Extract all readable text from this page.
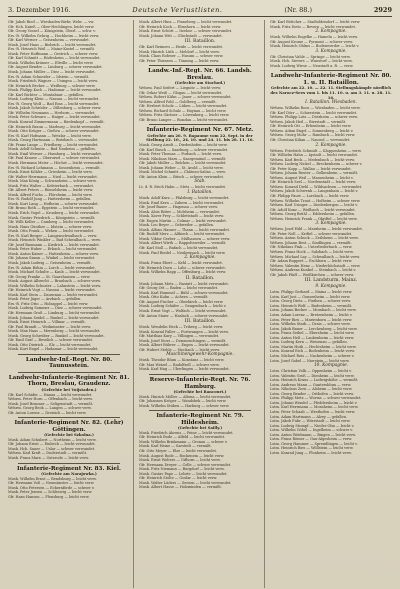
3. Dezember 1916.	Deutsche Verlustlisten.	(Nr. 88.)	2929
Gfr. Jakob Ried — Wiesbaden-Biebr, Wehr. — vw.
Gfr. Hch. Knieß — Ober-Hechlingen, leicht verw.
Gfr. Georg Vossel — Königstein, Oberl. — schw. v.
Ers.-R. Wilhelm Gehrig — Hochheim — leicht verw.
Gfr. Karl Werner — Geisenheim — verwundet.
Musk. Josef Haas — Biebrich — leicht verwundet.
Ers.-R. Heinrich Weil — Mainz-Kastel — vermißt.
Musk. Peter Hoffmann — Oestrich — schwer verw.
Gfr. Karl Schmitt — Rüdesheim — leicht verwundet.
Musk. Wilhelm Krämer — Eltville — leicht verw.
Gfr. August Bender — Limburg — schwer verwundet.
Musk. Johann Müller — Diez — leicht verwundet.
Ers.-R. Adam Schneider — Idstein — vermißt.
Musk. Friedrich Wagner — Usingen — leicht verw.
Gfr. Heinrich Becker — Weilburg — schwer verw.
Musk. Philipp Koch — Hadamar — leicht verwundet.
Gfr. Karl Richter — Montabaur — gefallen.
Musk. Ludwig Klein — Nassau — leicht verwundet.
Ers.-R. Georg Wolf — Bad Ems — leicht verwundet.
Musk. Jakob Schröder — Dillenburg — schwer verw.
Gfr. Wilhelm Neumann — Herborn — verwundet.
Musk. Peter Schwarz — Haiger — leicht verwundet.
Musk. Konrad Zimmermann — Biedenkopf — vermißt.
Gfr. Heinrich Braun — Marburg — leicht verwundet.
Musk. Otto Krüger — Gießen — schwer verwundet.
Ers.-R. Karl Hofmann — Wetzlar — leicht verw.
Musk. Georg Hartmann — Butzbach — verwundet.
Gfr. Franz Lange — Friedberg — leicht verwundet.
Musk. Adolf Schmitz — Bad Nauheim — gefallen.
Musk. Emil Werner — Homburg — leicht verwundet.
Gfr. Paul Krause — Oberursel — schwer verwundet.
Musk. Hermann Meier — Höchst — leicht verwundet.
Ers.-R. Richard Lehmann — Sossenheim — vermißt.
Musk. Ernst Köhler — Griesheim — leicht verw.
Gfr. Walter Herrmann — Nied — leicht verwundet.
Musk. Max König — Schwanheim — schwer verw.
Musk. Fritz Walter — Kelsterbach — verwundet.
Gfr. Albert Peters — Rüsselsheim — leicht verw.
Musk. Alfred Fuchs — Flörsheim — leicht verw.
Ers.-R. Rudolf Jung — Hattersheim — gefallen.
Musk. Kurt Lang — Hofheim — schwer verwundet.
Gfr. Bruno Roth — Eppstein — leicht verwundet.
Musk. Erich Vogel — Kronberg — leicht verwundet.
Musk. Gustav Friedrich — Königstein — vermißt.
Gfr. Willi Keller — Camberg — leicht verwundet.
Musk. Hans Günther — Idstein — schwer verw.
Musk. Otto Frank — Wehen — leicht verwundet.
Ers.-R. Karl Berger — Langenschwalbach — verw.
Musk. Heinrich Winkler — Bad Schwalbach — verw.
Gfr. Josef Baumann — Kiedrich — leicht verwundet.
Musk. Peter Huber — Erbach — leicht verwundet.
Musk. Anton Kaiser — Hattenheim — schwer verw.
Gfr. Johann Simon — Winkel — leicht verwundet.
Musk. Jakob Ludwig — Geisenheim — vermißt.
Ers.-R. Adam Böhm — Lorch — leicht verwundet.
Musk. Michael Schulte — Kaub — leicht verwundet.
Gfr. Georg Franke — St. Goarshausen — verw.
Musk. August Albrecht — Braubach — schwer verw.
Musk. Wilhelm Schuster — Lahnstein — leicht verw.
Gfr. Heinrich Vogt — Nassau — leicht verwundet.
Musk. Karl Stein — Dausenau — leicht verwundet.
Musk. Peter Jäger — Arzbach — gefallen.
Ers.-R. Fritz Otto — Holzappel — leicht verw.
Musk. Ludwig Sommer — Diez — schwer verwundet.
Gfr. Hermann Groß — Limburg — leicht verwundet.
Musk. Johann Seidel — Runkel — leicht verwundet.
Musk. Ernst Heinrich — Villmar — vermißt.
Gfr. Paul Brandt — Weilmünster — leicht verw.
Musk. Max Haas — Merenberg — leicht verwundet.
Musk. Georg Schreiber — Runkel — leicht verwundet.
Gfr. Emil Graf — Beselich — schwer verwundet.
Musk. Otto Dietrich — Elz — leicht verwundet.
Musk. Kurt Engel — Hadamar — leicht verwundet.
Landwehr-Inf.-Regt. Nr. 80. Taunusstein.
Landwehr-Infanterie-Regiment Nr. 81. Thorn, Breslau, Graudenz.
(Gefechte bei Voijstaden.)
Gfr. Karl Schäfer — Hanau — leicht verwundet.
Wehrm. Peter Horn — Offenbach — leicht verw.
Musk. Josef Brunner — Seligenstadt — vermißt.
Wehrm. Georg Beck — Langen — schwer verw.
Gfr. Anton Lorenz — Dreieich — leicht verw.
Infanterie-Regiment Nr. 82. (Lehr) Göttingen.
(Gefechte bei Szkolna.)
Musk. Adam Schubert — Northeim — leicht verw.
Gfr. Johann Ernst — Einbeck — leicht verwundet.
Musk. Hch. Sauer — Uslar — schwer verwundet.
Wehrm. Karl Kraft — Duderstadt — vermißt.
Musk. Franz Marx — Osterode — leicht verw.
Infanterie-Regiment Nr. 83. Kiel.
(Gefechte am Narajowka.)
Musk. Wilhelm Ernst — Rendsburg — leicht verw.
Gfr. Hermann Voß — Neumünster — leicht verw.
Musk. Otto Petersen — Eckernförde — schwer v.
Musk. Peter Jensen — Schleswig — leicht verw.
Gfr. Hans Hansen — Flensburg — leicht verw.
Musk. Albert Hinz — Pinneberg — leicht verwundet.
Gfr. Heinrich Koch — Elmshorn — leicht verw.
Musk. Ernst Schütt — Itzehoe — schwer verwundet.
Musk. Johann Witt — Glückstadt — verwundet.
III. Bataillon.
Gfr. Karl Reimers — Heide — leicht verwundet.
Musk. Hinrich Lüth — Meldorf — leicht verw.
Musk. Claus Rohwer — Husum — schwer verw.
Gfr. Peter Thiessen — Tönning — leicht verw.
Landw.-Inf.-Regt. Nr. 66. Landsh. Breslau.
(Gefechte am Stochod.)
Wehrm. Paul Seifert — Liegnitz — leicht verw.
Gfr. Oskar Weiß — Glogau — leicht verwundet.
Wehrm. Robert Kühn — Jauer — schwer verwundet.
Wehrm. Alfred Pohl — Goldberg — vermißt.
Gfr. Herbert Scholz — Lüben — leicht verwundet.
Wehrm. Richard Schulz — Haynau — leicht verw.
Wehrm. Fritz Gärtner — Löwenberg — leicht verw.
Gfr. Bruno Langer — Bunzlau — leicht verwundet.
Infanterie-Regiment Nr. 67. Metz.
Gefechte am 26. 9. Bapaume vom 22. Sept. in der Stellung 22. 10., 24. 10. und 24. 11. bis 28. 11. 16.
Musk. Georg Arndt — Diedenhofen — leicht verw.
Gfr. Karl Busch — Saarburg — schwer verwundet.
Musk. Peter Thomas — Forbach — leicht verw.
Musk. Nikolaus Marx — Saargemünd — vermißt.
Gfr. Jakob Müller — Bolchen — leicht verwundet.
Musk. Johann Weber — St. Avold — leicht verw.
Musk. Michel Schmitt — Château-Salins — verw.
Gfr. Anton Klein — Bitsch — schwer verwundet.
Stab.
Lt. d. R. Erich Hahn — Metz — leicht verwundet.
I. Bataillon.
Musk. Adolf Kurz — Pfalzburg — leicht verwundet.
Musk. Emil Kern — Zabern — leicht verwundet.
Gfr. Josef Bauer — Hagenau — schwer verw.
Musk. Alois Ritter — Molsheim — verwundet.
Musk. Xaver Frey — Schlettstadt — leicht verw.
Gfr. Eugen Martin — Colmar — leicht verwundet.
Musk. Leo Beyer — Gebweiler — gefallen.
Musk. Alfons Hauser — Thann — leicht verwundet.
Gfr. Rudolf Merz — Altkirch — leicht verwundet.
Musk. Viktor Gerber — Mülhausen — schwer verw.
Musk. Albert Wirth — Rappoltsweiler — vermißt.
Gfr. Karl Stoll — Rufach — leicht verwundet.
Musk. Paul Riedel — Neubreisach — leicht verw.
2. Kompagnie.
Musk. Franz Ebert — Kehl — leicht verwundet.
Gfr. Heinrich Dorn — Lahr — schwer verwundet.
Musk. Wilhelm Rapp — Offenburg — leicht verw.
II. Bataillon.
Musk. Johann Metz — Rastatt — leicht verwundet.
Gfr. Georg Ott — Baden — leicht verwundet.
Musk. Karl Hummel — Bühl — schwer verwundet.
Musk. Otto Kuhn — Achern — vermißt.
Gfr. August Fischer — Oberkirch — leicht verw.
Musk. Ludwig Schäfer — Gengenbach — leicht v.
Musk. Ernst Vogt — Wolfach — leicht verwundet.
Gfr. Anton Maier — Haslach — schwer verwundet.
III. Bataillon.
Musk. Wendelin Heck — Triberg — leicht verw.
Musk. Konrad Faller — Furtwangen — leicht verw.
Gfr. Matthias Kury — Villingen — verwundet.
Musk. Josef Storz — Donaueschingen — vermißt.
Musk. Albert Bührer — Engen — leicht verwundet.
Gfr. Hubert Stehle — Stockach — leicht verw.
Maschinengewehr-Kompagnie.
Musk. Theodor Blum — Konstanz — leicht verw.
Gfr. Max Wetzel — Radolfzell — schwer verw.
Musk. Karl Hug — Überlingen — leicht verwundet.
Reserve-Infanterie-Regt. Nr. 76. Hamburg.
(Gefechte bei Rancourt.)
Musk. Hinrich Möller — Altona — leicht verwundet.
Gfr. Johannes Kröger — Wandsbek — leicht verw.
Musk. Wilhelm Stüben — Harburg — schwer verw.
Infanterie-Regiment Nr. 79. Hildesheim.
(Gefechte bei Sailly.)
Musk. Friedrich Ahrens — Peine — leicht verwundet.
Gfr. Heinrich Bode — Alfeld — leicht verwundet.
Musk. Wilhelm Brinkmann — Gronau — schwer v.
Musk. Karl Heine — Sarstedt — vermißt.
Gfr. Otto Meyer — Elze — leicht verwundet.
Musk. August Rode — Bockenem — leicht verw.
Musk. Ernst Wolters — Gifhorn — leicht verw.
Gfr. Hermann Dreyer — Celle — schwer verwundet.
Musk. Fritz Niemann — Burgdorf — leicht verw.
Musk. Gustav Pape — Lehrte — leicht verwundet.
Gfr. Heinrich Stolte — Goslar — leicht verw.
Musk. Walter Lüders — Seesen — leicht verwundet.
Musk. Albert Hasse — Holzminden — vermißt.
Gfr. Karl Böttcher — Stadtoldendorf — leicht verw.
Musk. Fritz Dietz — Bevern — leicht verwundet.
2. Kompagnie.
Musk. Wilhelm Engelke — Hameln — leicht verw.
Gfr. August Krome — Pyrmont — schwer verw.
Musk. Heinrich Ohlms — Bodenwerder — leicht v.
3. Kompagnie.
Gfr. Christian Vahle — Springe — leicht verw.
Musk. Hch. Sievers — Wunstorf — leicht verw.
Musk. Ludwig Wiese — Neustadt a. R. — verw.
Landwehr-Infanterie-Regiment Nr. 80. 1. u. II. Bataillon.
Gefechte am 22. 10. — 22. 11. Stellungskämpfe nördlich des Narocz-Sees vom 1. bis 11. 10. u. am 3. 11. u. 28. 11. 16.
I. Bataillon. Wiesbaden.
Wehrm. Wilhelm Roos — Wiesbaden — leicht verw.
Gfr. Karl Dörr — Schierstein — leicht verwundet.
Wehrm. Philipp Lutz — Dotzheim — schwer verw.
Wehrm. Jakob Heil — Bierstadt — vermißt.
Gfr. Heinrich Ott — Erbenheim — leicht verw.
Wehrm. Adam Engel — Sonnenberg — leicht v.
Wehrm. Georg Mohr — Rambach — leicht verw.
Gfr. Christian Kilian — Naurod — verwundet.
2. Kompagnie.
Wehrm. Friedrich Schmidt — Kloppenheim — verw.
Gfr. Wilhelm Hahn — Igstadt — leicht verwundet.
Wehrm. Karl Beck — Medenbach — leicht verw.
Wehrm. Ludwig Nickel — Breckenheim — schwer v.
Gfr. Peter Kopp — Wallau — leicht verwundet.
Wehrm. Johann Reuter — Delkenheim — vermißt.
Wehrm. August Weil — Massenheim — leicht v.
Gfr. Heinrich Seel — Nordenstadt — leicht verw.
Wehrm. Konrad Diehl — Wildsachsen — verwundet.
Wehrm. Jakob Schwenk — Langenhain — leicht v.
Gfr. Philipp Faust — Lorsbach — leicht verw.
Wehrm. Wilhelm Traut — Hofheim — schwer verw.
Wehrm. Karl Usinger — Diedenbergen — leicht v.
Gfr. Adolf Kunz — Weilbach — leicht verwundet.
Wehrm. Georg Brühl — Eddersheim — gefallen.
Wehrm. Heinrich Frank — Okriftel — leicht verw.
3. Kompagnie.
Wehrm. Josef Hild — Marxheim — leicht verwundet.
Gfr. Peter Noll — Kriftel — schwer verwundet.
Wehrm. Anton Schuck — Zeilsheim — leicht verw.
Wehrm. Johann Best — Sindlingen — vermißt.
Gfr. Nikolaus Fink — Unterliederbach — verw.
Wehrm. Franz Hock — Sulzbach — leicht verw.
Wehrm. Michael Lay — Schwalbach — leicht verw.
Gfr. Adam Ruppert — Eschborn — leicht verw.
Wehrm. Valentin Henz — Niederhöchstadt — verw.
Wehrm. Andreas Kunkel — Steinbach — leicht v.
Gfr. Jakob Pfaff — Weißkirchen — schwer verw.
III. Landsturm. Mainz.
9. Kompagnie.
Lstm. Philipp Gerhard — Mainz — leicht verw.
Lstm. Karl Jost — Gonsenheim — leicht verw.
Lstm. Georg Dietz — Finthen — schwer verw.
Lstm. Heinrich Wolf — Budenheim — vermißt.
Lstm. Johann Becker — Mombach — leicht verw.
Lstm. Adam Lorenz — Bretzenheim — leicht v.
Lstm. Peter Ries — Marienborn — leicht verw.
Lstm. Wilhelm Stark — Drais — schwer verw.
Lstm. Jakob Bauer — Lerchenberg — leicht verw.
Lstm. Franz Seibel — Ebersheim — leicht verw.
Lstm. Anton Heß — Laubenheim — leicht verw.
Lstm. Ludwig Kern — Weisenau — gefallen.
Lstm. Martin Huth — Hechtsheim — leicht verw.
Lstm. Konrad Eich — Bodenheim — leicht verw.
Lstm. Michael Reis — Nackenheim — schwer v.
Lstm. Josef Gabel — Nierstein — leicht verw.
10. Kompagnie.
Lstm. Christian Volk — Oppenheim — leicht v.
Lstm. Valentin Groß — Dienheim — leicht verw.
Lstm. Heinrich Kraus — Ludwigshöhe — vermißt.
Lstm. Andreas Mann — Guntersblum — verw.
Lstm. Nikolaus Zorn — Alsheim — leicht verw.
Lstm. Georg Bender — Osthofen — leicht verw.
Lstm. Philipp Metz — Worms — schwer verwundet.
Lstm. Johann Wendel — Pfeddersheim — leicht v.
Lstm. Karl Herrmann — Monsheim — leicht verw.
Lstm. Peter Schaab — Westhofen — leicht verw.
Lstm. Adam Hartmann — Alzey — gefallen.
Lstm. Jakob Fuhr — Wörrstadt — leicht verw.
Lstm. Ludwig Stumpf — Nieder-Olm — leicht v.
Lstm. Wilhelm Göbel — Ingelheim — schwer v.
Lstm. Anton Weidmann — Bingen — leicht verw.
Lstm. Franz Römer — Gau-Algesheim — verw.
Lstm. Georg Hammer — Sprendlingen — leicht v.
Lstm. Heinrich Ries — Wöllstein — leicht verw.
Lstm. Konrad Jung — Flonheim — leicht verw.
